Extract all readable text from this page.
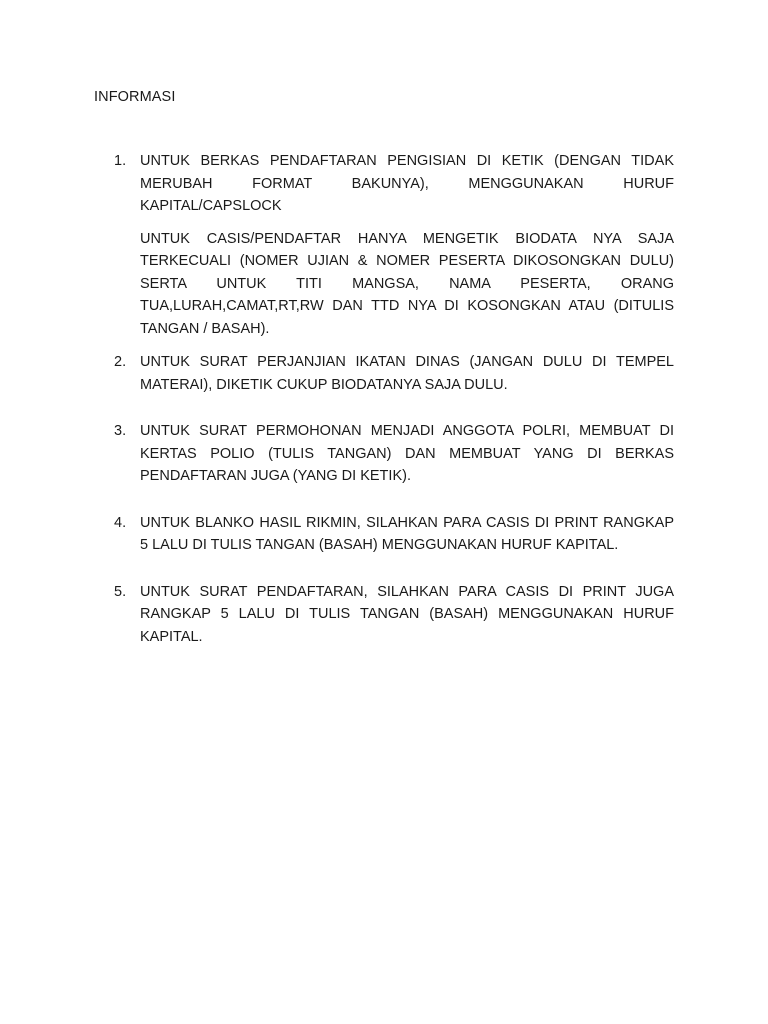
INFORMASI

1. UNTUK BERKAS PENDAFTARAN PENGISIAN DI KETIK (DENGAN TIDAK MERUBAH FORMAT BAKUNYA), MENGGUNAKAN HURUF KAPITAL/CAPSLOCK

UNTUK CASIS/PENDAFTAR HANYA MENGETIK BIODATA NYA SAJA TERKECUALI (NOMER UJIAN & NOMER PESERTA DIKOSONGKAN DULU) SERTA UNTUK TITI MANGSA, NAMA PESERTA, ORANG TUA,LURAH,CAMAT,RT,RW DAN TTD NYA DI KOSONGKAN ATAU (DITULIS TANGAN / BASAH).

2. UNTUK SURAT PERJANJIAN IKATAN DINAS (JANGAN DULU DI TEMPEL MATERAI), DIKETIK CUKUP BIODATANYA SAJA DULU.

3. UNTUK SURAT PERMOHONAN MENJADI ANGGOTA POLRI, MEMBUAT DI KERTAS POLIO (TULIS TANGAN) DAN MEMBUAT YANG DI BERKAS PENDAFTARAN JUGA (YANG DI KETIK).

4. UNTUK BLANKO HASIL RIKMIN, SILAHKAN PARA CASIS DI PRINT RANGKAP 5 LALU DI TULIS TANGAN (BASAH) MENGGUNAKAN HURUF KAPITAL.

5. UNTUK SURAT PENDAFTARAN, SILAHKAN PARA CASIS DI PRINT JUGA RANGKAP 5 LALU DI TULIS TANGAN (BASAH) MENGGUNAKAN HURUF KAPITAL.
